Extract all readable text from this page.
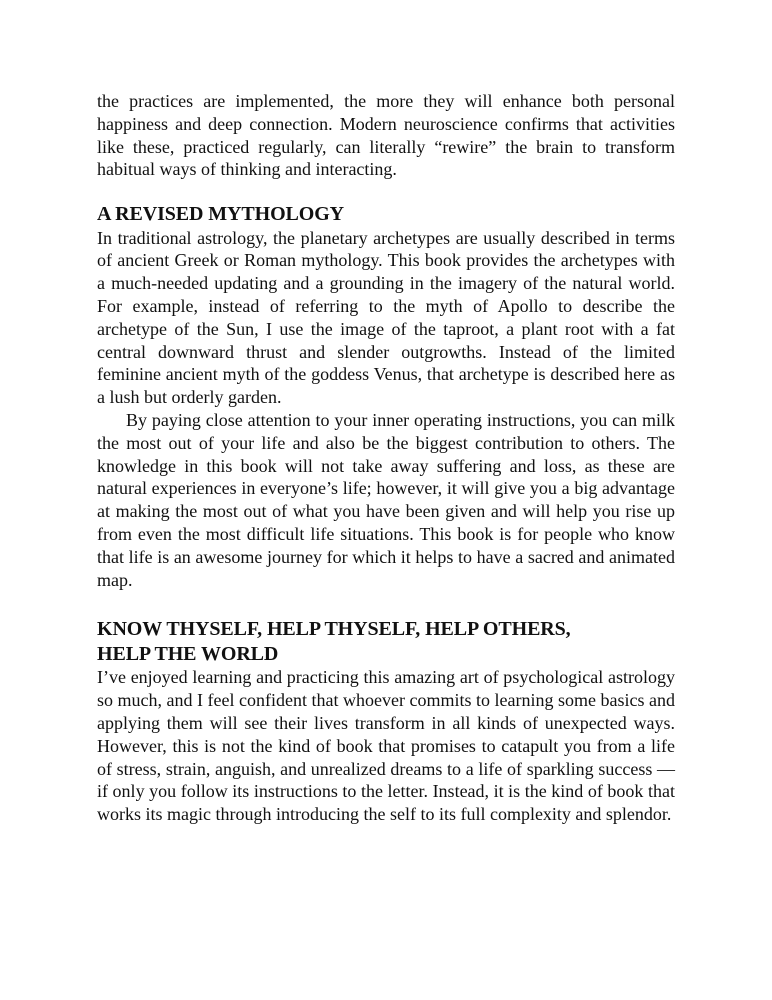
the practices are implemented, the more they will enhance both personal happiness and deep connection. Modern neuroscience confirms that activities like these, practiced regularly, can literally “rewire” the brain to transform habitual ways of thinking and interacting.

A REVISED MYTHOLOGY

In traditional astrology, the planetary archetypes are usually described in terms of ancient Greek or Roman mythology. This book provides the archetypes with a much-needed updating and a grounding in the imagery of the natural world. For example, instead of referring to the myth of Apollo to describe the archetype of the Sun, I use the image of the taproot, a plant root with a fat central downward thrust and slender outgrowths. Instead of the limited feminine ancient myth of the goddess Venus, that archetype is described here as a lush but orderly garden.

By paying close attention to your inner operating instructions, you can milk the most out of your life and also be the biggest contribution to others. The knowledge in this book will not take away suffering and loss, as these are natural experiences in everyone’s life; however, it will give you a big advantage at making the most out of what you have been given and will help you rise up from even the most difficult life situations. This book is for people who know that life is an awesome journey for which it helps to have a sacred and animated map.

KNOW THYSELF, HELP THYSELF, HELP OTHERS,
HELP THE WORLD

I’ve enjoyed learning and practicing this amazing art of psychological astrology so much, and I feel confident that whoever commits to learning some basics and applying them will see their lives transform in all kinds of unexpected ways. However, this is not the kind of book that promises to catapult you from a life of stress, strain, anguish, and unrealized dreams to a life of sparkling success — if only you follow its instructions to the letter. Instead, it is the kind of book that works its magic through introducing the self to its full complexity and splendor.
